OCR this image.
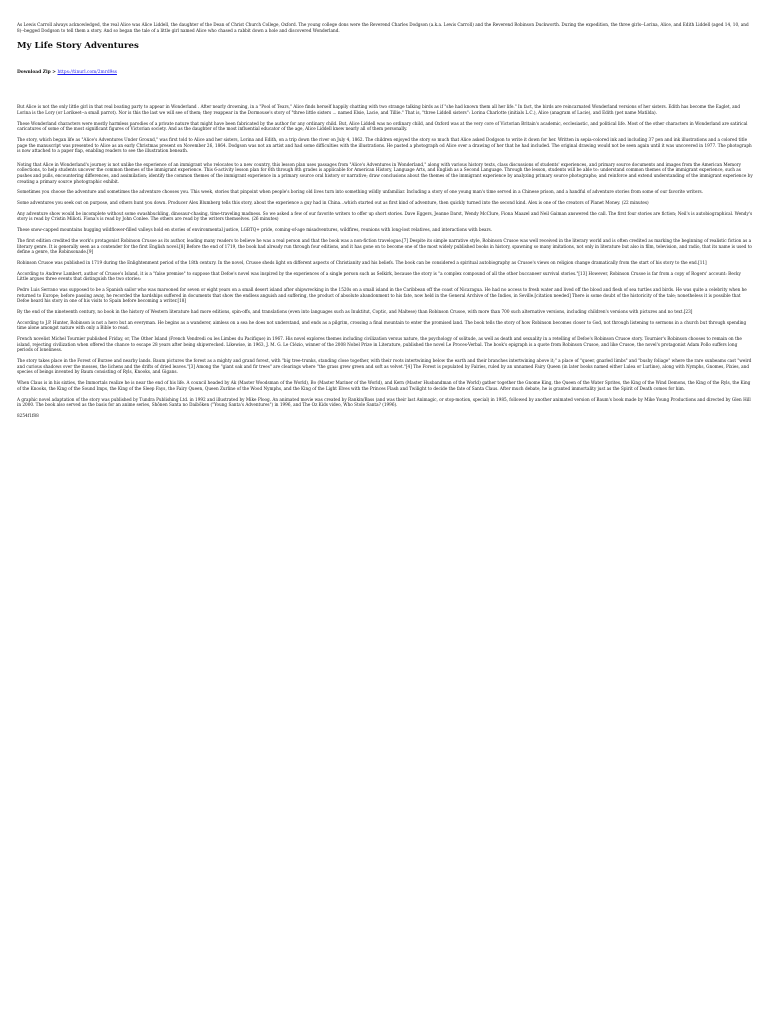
As Lewis Carroll always acknowledged, the real Alice was Alice Liddell, the daughter of the Dean of Christ Church College, Oxford. The young college dons were the Reverend Charles Dodgson (a.k.a. Lewis Carroll) and the Reverend Robinson Duckworth. During the expedition, the three girls--Lorina, Alice, and Edith Liddell (aged 14, 10, and 8)--begged Dodgson to tell them a story. And so began the tale of a little girl named Alice who chased a rabbit down a hole and discovered Wonderland.

My Life Story Adventures
Download Zip > https://tinurl.com/2mrd9ss

But Alice is not the only little girl in that real boating party to appear in Wonderland . After nearly drowning, in a "Pool of Tears," Alice finds herself happily chatting with two strange talking birds as if "she had known them all her life." In fact, the birds are reincarnated Wonderland versions of her sisters. Edith has become the Eaglet, and Lorina is the Lory (or Lorikeet--a small parrot). Nor is this the last we will see of them; they reappear in the Dormouse's story of "three little sisters ... named Elsie, Lacie, and Tillie." That is, "three Liddell sisters": Lorina Charlotte (initials L.C.), Alice (anagram of Lacie), and Edith (pet name Matilda).

These Wonderland characters were mostly harmless parodies of a private nature that might have been fabricated by the author for any ordinary child. But, Alice Liddell was no ordinary child, and Oxford was at the very core of Victorian Britain's academic, ecclesiastic, and political life. Most of the other characters in Wonderland are satirical caricatures of some of the most significant figures of Victorian society. And as the daughter of the most influential educator of the age, Alice Liddell knew nearly all of them personally.

The story, which began life as "Alice's Adventures Under Ground," was first told to Alice and her sisters, Lorina and Edith, on a trip down the river on July 4, 1862. The children enjoyed the story so much that Alice asked Dodgson to write it down for her. Written in sepia-colored ink and including 37 pen and ink illustrations and a colored title page the manuscript was presented to Alice as an early Christmas present on November 26, 1864. Dodgson was not an artist and had some difficulties with the illustrations. He pasted a photograph od Alice over a drawing of her that he had included. The original drawing would not be seen again until it was uncovered in 1977. The photograph is now attached to a paper flap, enabling readers to see the illustration beneath.

Noting that Alice in Wonderland's journey is not unlike the experience of an immigrant who relocates to a new country, this lesson plan uses passages from "Alice's Adventures in Wonderland," along with various history texts, class discussions of students' experiences, and primary source documents and images from the American Memory collections, to help students uncover the common themes of the immigrant experience. This 6-activity lesson plan for 6th through 8th grades is applicable for American History, Language Arts, and English as a Second Language. Through the lesson, students will be able to: understand common themes of the immigrant experience, such as pushes and pulls, encountering differences, and assimilation; identify the common themes of the immigrant experience in a primary source oral history or narrative; draw conclusions about the themes of the immigrant experience by analyzing primary source photographs; and reinforce and extend understanding of the immigrant experience by creating a primary source photographic exhibit.

Sometimes you choose the adventure and sometimes the adventure chooses you. This week, stories that pinpoint when people's boring old lives turn into something wildly unfamiliar. Including a story of one young man's time served in a Chinese prison, and a handful of adventure stories from some of our favorite writers.

Some adventures you seek out on purpose, and others hunt you down. Producer Alex Blumberg tells this story, about the experience a guy had in China...which started out as first kind of adventure, then quickly turned into the second kind. Alex is one of the creators of Planet Money. (22 minutes)

Any adventure show would be incomplete without some swashbuckling, dinosaur-chasing, time-traveling madness. So we asked a few of our favorite writers to offer up short stories. Dave Eggers, Jeanne Darst, Wendy McClure, Fiona Maazel and Neil Gaiman answered the call. The first four stories are fiction; Neil's is autobiographical. Wendy's story is read by Cristin Milioti. Fiona's is read by John Conlee. The others are read by the writers themselves. (26 minutes)

These snow-capped mountains hugging wildflower-filled valleys hold en stories of environmental justice, LGBTQ+ pride, coming-of-age misadventures, wildfires, reunions with long-lost relatives, and interactions with bears.

The first edition credited the work's protagonist Robinson Crusoe as its author, leading many readers to believe he was a real person and that the book was a non-fiction travelogue.[7] Despite its simple narrative style, Robinson Crusoe was well received in the literary world and is often credited as marking the beginning of realistic fiction as a literary genre. It is generally seen as a contender for the first English novel.[8] Before the end of 1719, the book had already run through four editions, and it has gone on to become one of the most widely published books in history, spawning so many imitations, not only in literature but also in film, television, and radio, that its name is used to define a genre, the Robinsonade.[9]

Robinson Crusoe was published in 1719 during the Enlightenment period of the 18th century. In the novel, Crusoe sheds light on different aspects of Christianity and his beliefs. The book can be considered a spiritual autobiography as Crusoe's views on religion change dramatically from the start of his story to the end.[11]

According to Andrew Lambert, author of Crusoe's Island, it is a "false premise" to suppose that Defoe's novel was inspired by the experiences of a single person such as Selkirk, because the story is "a complex compound of all the other buccaneer survival stories."[13] However, Robinson Crusoe is far from a copy of Rogers' account: Becky Little argues three events that distinguish the two stories:

Pedro Luis Serrano was supposed to be a Spanish sailor who was marooned for seven or eight years on a small desert island after shipwrecking in the 1520s on a small island in the Caribbean off the coast of Nicaragua. He had no access to fresh water and lived off the blood and flesh of sea turtles and birds. He was quite a celebrity when he returned to Europe; before passing away, he recorded the hardships suffered in documents that show the endless anguish and suffering, the product of absolute abandonment to his fate, now held in the General Archive of the Indies, in Seville.[citation needed] There is some doubt of the historicity of the tale; nonetheless it is possible that Defoe heard his story in one of his visits to Spain before becoming a writer.[18]

By the end of the nineteenth century, no book in the history of Western literature had more editions, spin-offs, and translations (even into languages such as Inuktitut, Coptic, and Maltese) than Robinson Crusoe, with more than 700 such alternative versions, including children's versions with pictures and no text.[23]

According to J.P. Hunter, Robinson is not a hero but an everyman. He begins as a wanderer, aimless on a sea he does not understand, and ends as a pilgrim, crossing a final mountain to enter the promised land. The book tells the story of how Robinson becomes closer to God, not through listening to sermons in a church but through spending time alone amongst nature with only a Bible to read.

French novelist Michel Tournier published Friday, or, The Other Island (French Vendredi ou les Limbes du Pacifique) in 1967. His novel explores themes including civilization versus nature, the psychology of solitude, as well as death and sexuality in a retelling of Defoe's Robinson Crusoe story. Tournier's Robinson chooses to remain on the island, rejecting civilization when offered the chance to escape 28 years after being shipwrecked. Likewise, in 1963, J. M. G. Le Clézio, winner of the 2008 Nobel Prize in Literature, published the novel Le Proces-Verbal. The book's epigraph is a quote from Robinson Crusoe, and like Crusoe, the novel's protagonist Adam Pollo suffers long periods of loneliness.

The story takes place in the Forest of Burzee and nearby lands. Baum pictures the forest as a mighty and grand forest, with "big tree-trunks, standing close together, with their roots intertwining below the earth and their branches intertwining above it;" a place of "queer, gnarled limbs" and "bushy foliage" where the rare sunbeams cast "weird and curious shadows over the mosses, the lichens and the drifts of dried leaves."[3] Among the "giant oak and fir trees" are clearings where "the grass grew green and soft as velvet."[4] The Forest is populated by Fairies, ruled by an unnamed Fairy Queen (in later books named either Lulea or Lurline), along with Nymphs, Gnomes, Pixies, and species of beings invented by Baum consisting of Ryls, Knooks, and Gigans.

When Claus is in his sixties, the Immortals realize he is near the end of his life. A council headed by Ak (Master Woodsman of the World), Bo (Master Mariner of the World), and Kern (Master Husbandman of the World) gather together the Gnome King, the Queen of the Water Sprites, the King of the Wind Demons, the King of the Ryls, the King of the Knooks, the King of the Sound Imps, the King of the Sleep Fays, the Fairy Queen, Queen Zurline of the Wood Nymphs, and the King of the Light Elves with the Princes Flash and Twilight to decide the fate of Santa Claus. After much debate, he is granted immortality just as the Spirit of Death comes for him.

A graphic novel adaptation of the story was published by Tundra Publishing Ltd. in 1992 and illustrated by Mike Ploog. An animated movie was created by Rankin/Bass (and was their last Animagic, or stop-motion, special) in 1985, followed by another animated version of Baum's book made by Mike Young Productions and directed by Glen Hill in 2000. The book also served as the basis for an anime series, Shōnen Santa no Daibōken ("Young Santa's Adventures") in 1996, and The Oz Kids video, Who Stole Santa? (1996).

8254f1f88
